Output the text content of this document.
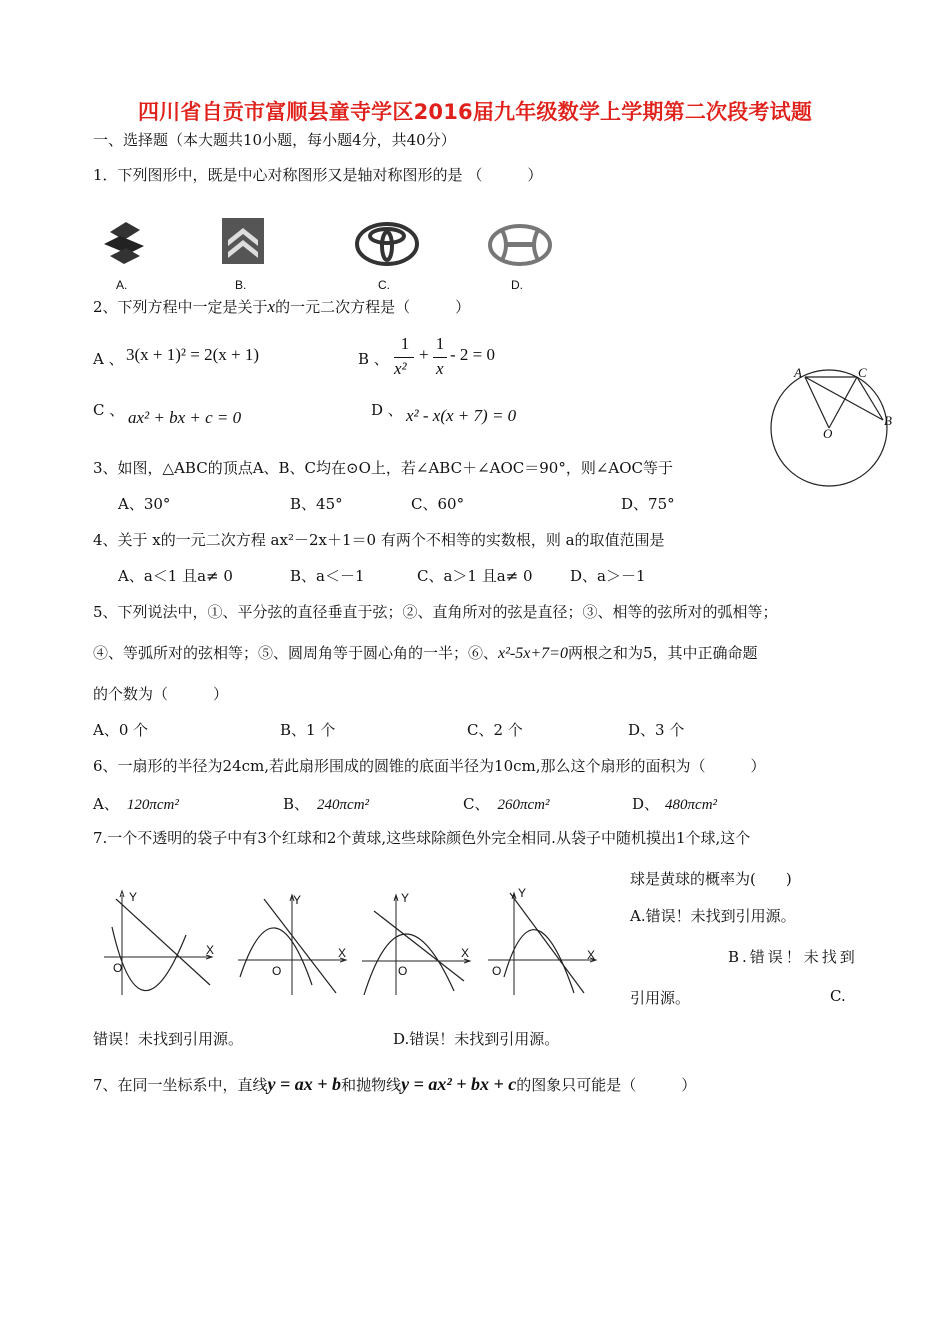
四川省自贡市富顺县童寺学区2016届九年级数学上学期第二次段考试题
一、选择题（本大题共10小题，每小题4分，共40分）
1．下列图形中，既是中心对称图形又是轴对称图形的是 （　　　）
A.	B.	C.	D.
2、下列方程中一定是关于x的一元二次方程是（　　　）
A 、 3(x + 1)² = 2(x + 1)	B 、
1
x²
+
1
x
- 2 = 0
C 、 ax² + bx + c = 0	D 、 x² - x(x + 7) = 0
A	C
B
O
3、如图，△ABC的顶点A、B、C均在⊙O上，若∠ABC＋∠AOC＝90°，则∠AOC等于
A、30°	B、45°	C、60°	D、75°
4、关于 x的一元二次方程 ax²－2x＋1＝0 有两个不相等的实数根，则 a的取值范围是
A、a＜1 且a≠ 0	B、a＜－1	C、a＞1 且a≠ 0 D、a＞－1
5、下列说法中，①、平分弦的直径垂直于弦；②、直角所对的弦是直径；③、相等的弦所对的弧相等；
④、等弧所对的弦相等；⑤、圆周角等于圆心角的一半；⑥、x²-5x+7=0两根之和为5，其中正确命题
的个数为（　　　）
A、0 个	B、1 个	C、2 个	D、3 个
6、一扇形的半径为24cm,若此扇形围成的圆锥的底面半径为10cm,那么这个扇形的面积为（　　　）
A、 120πcm²	B、 240πcm²	C、 260πcm²	D、 480πcm²
7.一个不透明的袋子中有3个红球和2个黄球,这些球除颜色外完全相同.从袋子中随机摸出1个球,这个
球是黄球的概率为(　　)
A.错误！未找到引用源。
B.错误！未找到
引用源。	C.
错误！未找到引用源。	D.错误！未找到引用源。
Y
X
O
Y
X
O
Y
X
O
Y
X
O
7、在同一坐标系中，直线y = ax + b和抛物线y = ax² + bx + c的图象只可能是（　　　）
